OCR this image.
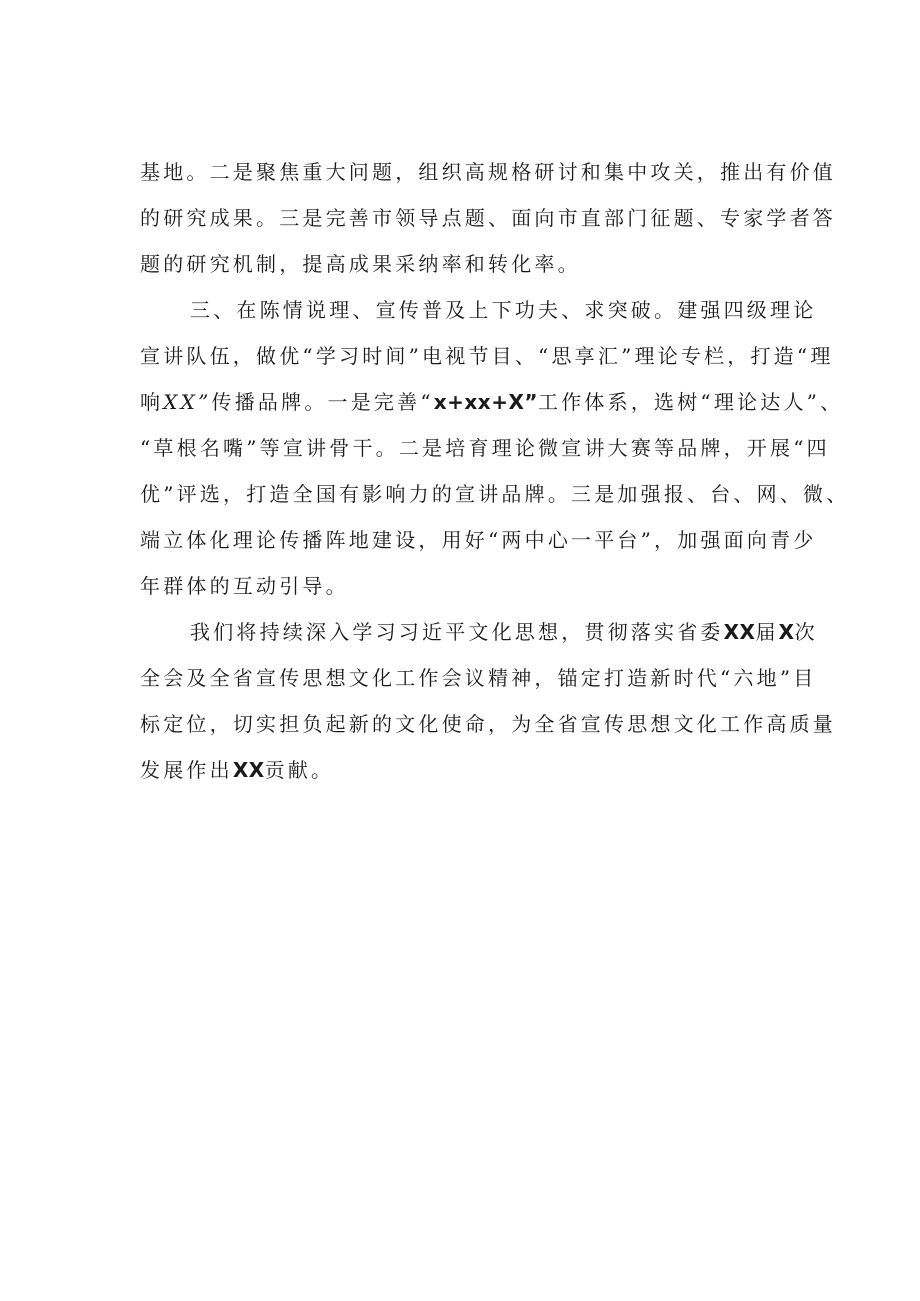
基地。二是聚焦重大问题，组织高规格研讨和集中攻关，推出有价值
的研究成果。三是完善市领导点题、面向市直部门征题、专家学者答
题的研究机制，提高成果采纳率和转化率。
三、在陈情说理、宣传普及上下功夫、求突破。建强四级理论
宣讲队伍，做优“学习时间”电视节目、“思享汇”理论专栏，打造“理
响XX”传播品牌。一是完善“x+xx+X”工作体系，选树“理论达人”、
“草根名嘴”等宣讲骨干。二是培育理论微宣讲大赛等品牌，开展“四
优”评选，打造全国有影响力的宣讲品牌。三是加强报、台、网、微、
端立体化理论传播阵地建设，用好“两中心一平台”，加强面向青少
年群体的互动引导。
我们将持续深入学习习近平文化思想，贯彻落实省委XX届X次
全会及全省宣传思想文化工作会议精神，锚定打造新时代“六地”目
标定位，切实担负起新的文化使命，为全省宣传思想文化工作高质量
发展作出XX贡献。
